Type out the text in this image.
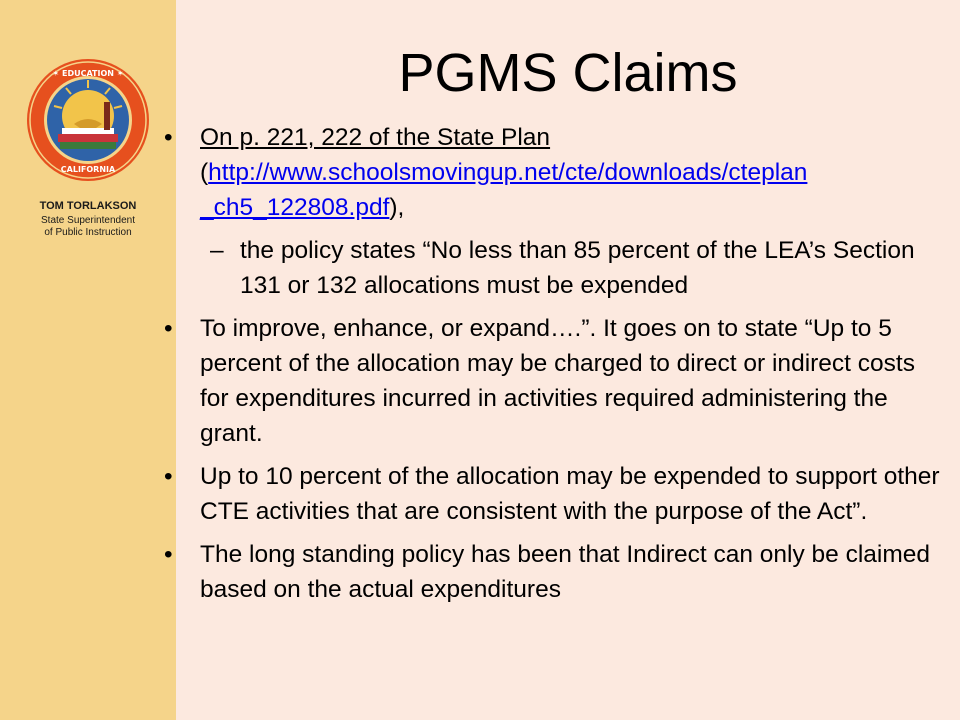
✶ EDUCATION ✶
CALIFORNIA
TOM TORLAKSON
State Superintendent
of Public Instruction
PGMS Claims
• On p. 221, 222 of the State Plan
(http://www.schoolsmovingup.net/cte/downloads/cteplan
_ch5_122808.pdf),
– the policy states “No less than 85 percent of the LEA’s Section 131 or 132 allocations must be expended
• To improve, enhance, or expand….”. It goes on to state “Up to 5 percent of the allocation may be charged to direct or indirect costs for expenditures incurred in activities required administering the grant.
• Up to 10 percent of the allocation may be expended to support other CTE activities that are consistent with the purpose of the Act”.
• The long standing policy has been that Indirect can only be claimed based on the actual expenditures
